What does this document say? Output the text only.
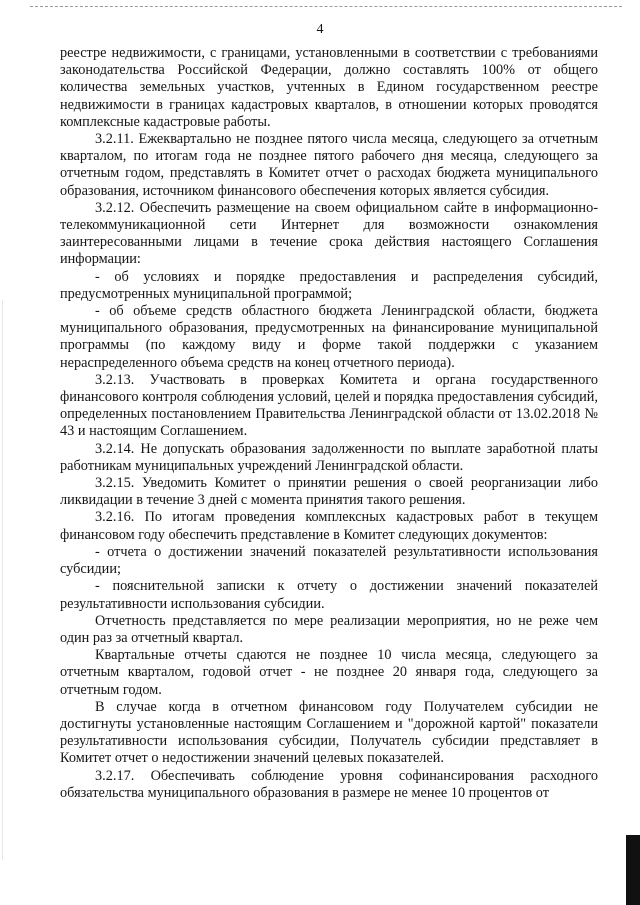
4

реестре недвижимости, с границами, установленными в соответствии с требованиями законодательства Российской Федерации, должно составлять 100% от общего количества земельных участков, учтенных в Едином государственном реестре недвижимости в границах кадастровых кварталов, в отношении которых проводятся комплексные кадастровые работы.

3.2.11. Ежеквартально не позднее пятого числа месяца, следующего за отчетным кварталом, по итогам года не позднее пятого рабочего дня месяца, следующего за отчетным годом, представлять в Комитет отчет о расходах бюджета муниципального образования, источником финансового обеспечения которых является субсидия.

3.2.12. Обеспечить размещение на своем официальном сайте в информационно-телекоммуникационной сети Интернет для возможности ознакомления заинтересованными лицами в течение срока действия настоящего Соглашения информации:

- об условиях и порядке предоставления и распределения субсидий, предусмотренных муниципальной программой;

- об объеме средств областного бюджета Ленинградской области, бюджета муниципального образования, предусмотренных на финансирование муниципальной программы (по каждому виду и форме такой поддержки с указанием нераспределенного объема средств на конец отчетного периода).

3.2.13. Участвовать в проверках Комитета и органа государственного финансового контроля соблюдения условий, целей и порядка предоставления субсидий, определенных постановлением Правительства Ленинградской области от 13.02.2018 № 43 и настоящим Соглашением.

3.2.14. Не допускать образования задолженности по выплате заработной платы работникам муниципальных учреждений Ленинградской области.

3.2.15. Уведомить Комитет о принятии решения о своей реорганизации либо ликвидации в течение 3 дней с момента принятия такого решения.

3.2.16. По итогам проведения комплексных кадастровых работ в текущем финансовом году обеспечить представление в Комитет следующих документов:

- отчета о достижении значений показателей результативности использования субсидии;

- пояснительной записки к отчету о достижении значений показателей результативности использования субсидии.

Отчетность представляется по мере реализации мероприятия, но не реже чем один раз за отчетный квартал.

Квартальные отчеты сдаются не позднее 10 числа месяца, следующего за отчетным кварталом, годовой отчет - не позднее 20 января года, следующего за отчетным годом.

В случае когда в отчетном финансовом году Получателем субсидии не достигнуты установленные настоящим Соглашением и "дорожной картой" показатели результативности использования субсидии, Получатель субсидии представляет в Комитет отчет о недостижении значений целевых показателей.

3.2.17. Обеспечивать соблюдение уровня софинансирования расходного обязательства муниципального образования в размере не менее 10 процентов от
